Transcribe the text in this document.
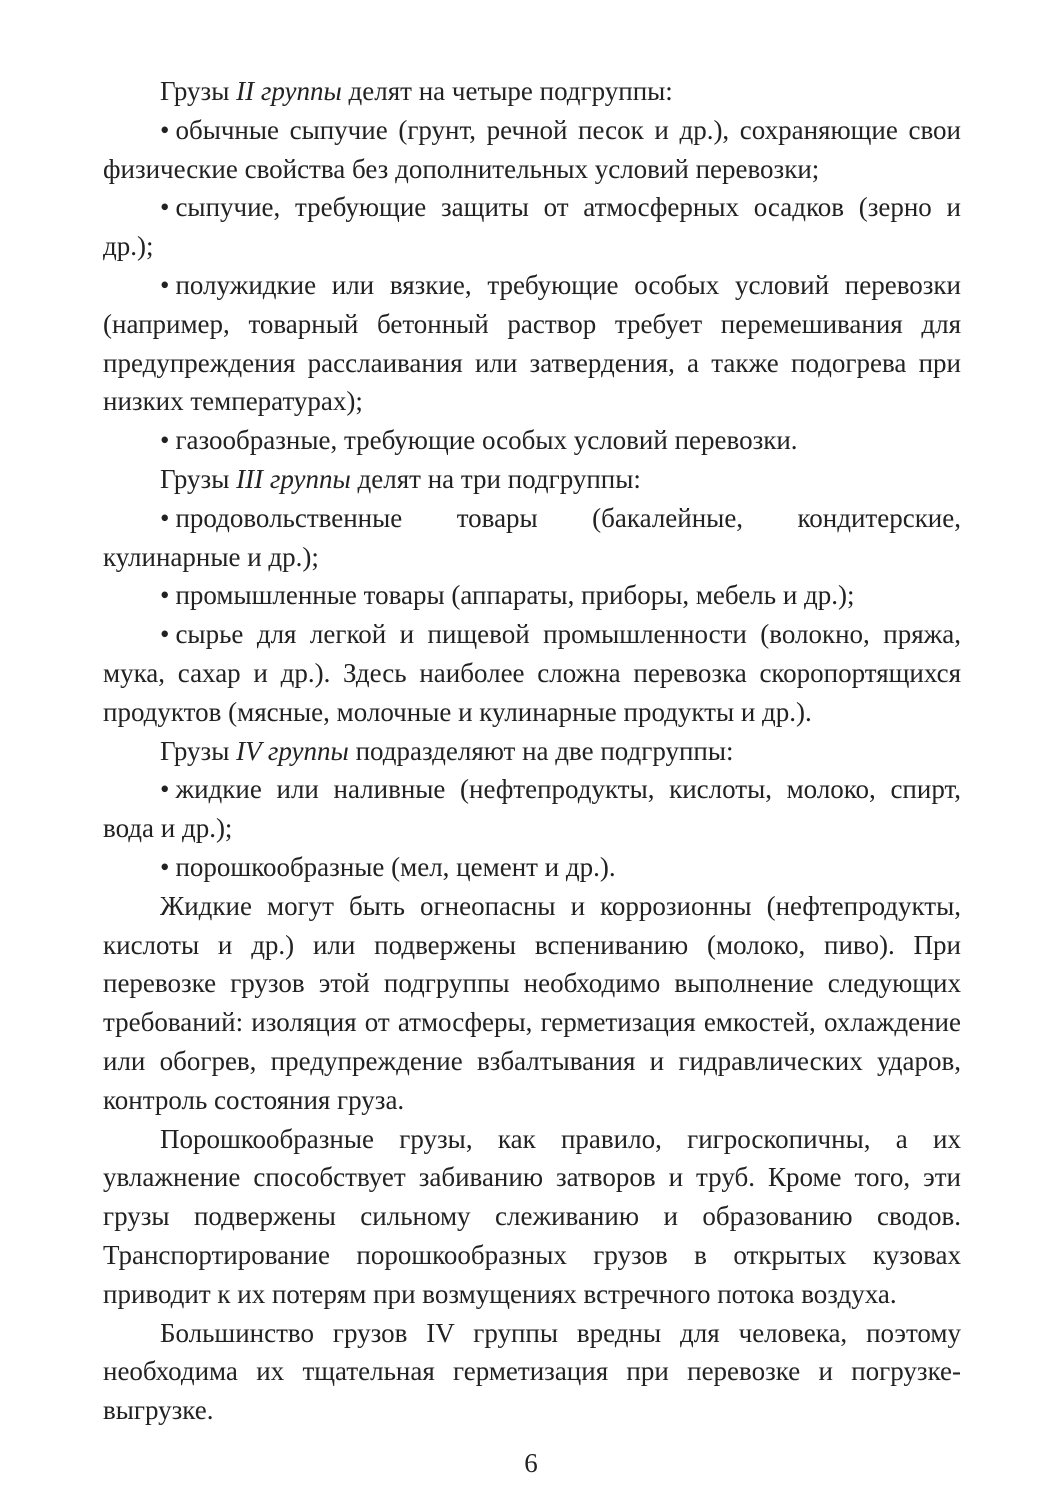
Грузы II группы делят на четыре подгруппы:

• обычные сыпучие (грунт, речной песок и др.), сохраняющие свои физические свойства без дополнительных условий перевозки;

• сыпучие, требующие защиты от атмосферных осадков (зерно и др.);

• полужидкие или вязкие, требующие особых условий перевозки (например, товарный бетонный раствор требует перемешивания для предупреждения расслаивания или затвердения, а также подогрева при низких температурах);

• газообразные, требующие особых условий перевозки.

Грузы III группы делят на три подгруппы:

• продовольственные товары (бакалейные, кондитерские, кулинарные и др.);

• промышленные товары (аппараты, приборы, мебель и др.);

• сырье для легкой и пищевой промышленности (волокно, пряжа, мука, сахар и др.). Здесь наиболее сложна перевозка скоропортящихся продуктов (мясные, молочные и кулинарные продукты и др.).

Грузы IV группы подразделяют на две подгруппы:

• жидкие или наливные (нефтепродукты, кислоты, молоко, спирт, вода и др.);

• порошкообразные (мел, цемент и др.).

Жидкие могут быть огнеопасны и коррозионны (нефтепродукты, кислоты и др.) или подвержены вспениванию (молоко, пиво). При перевозке грузов этой подгруппы необходимо выполнение следующих требований: изоляция от атмосферы, герметизация емкостей, охлаждение или обогрев, предупреждение взбалтывания и гидравлических ударов, контроль состояния груза.

Порошкообразные грузы, как правило, гигроскопичны, а их увлажнение способствует забиванию затворов и труб. Кроме того, эти грузы подвержены сильному слеживанию и образованию сводов. Транспортирование порошкообразных грузов в открытых кузовах приводит к их потерям при возмущениях встречного потока воздуха.

Большинство грузов IV группы вредны для человека, поэтому необходима их тщательная герметизация при перевозке и погрузке-выгрузке.

6
